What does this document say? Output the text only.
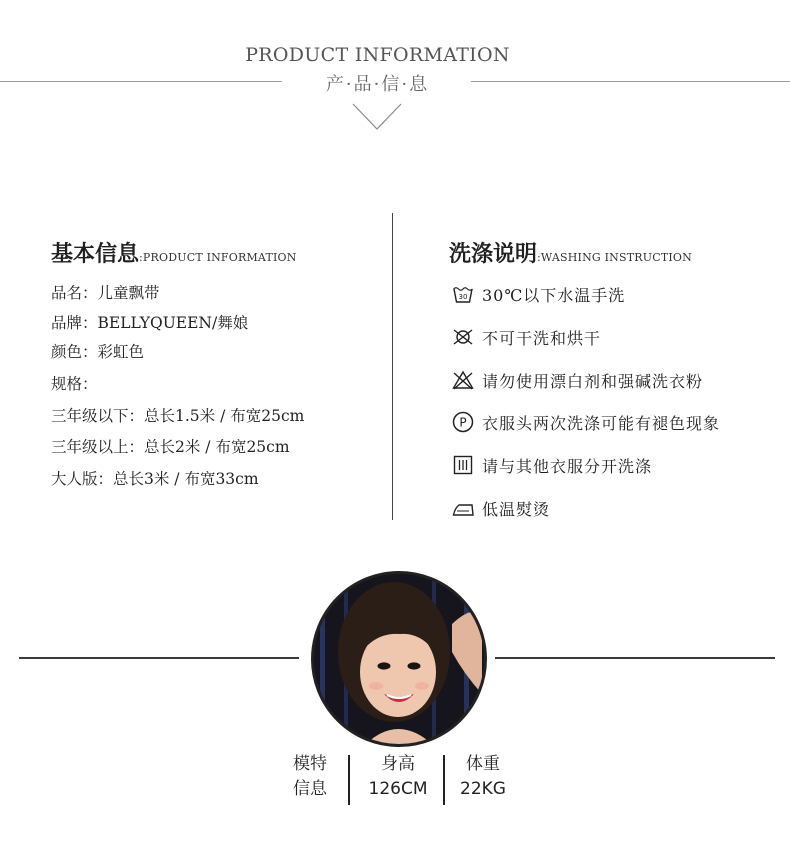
PRODUCT INFORMATION
产·品·信·息
基本信息:PRODUCT INFORMATION
品名：儿童飘带
品牌：BELLYQUEEN/舞娘
颜色：彩虹色
规格：
三年级以下：总长1.5米 / 布宽25cm
三年级以上：总长2米 / 布宽25cm
大人版：总长3米 / 布宽33cm
洗涤说明:WASHING INSTRUCTION
30 30℃以下水温手洗
不可干洗和烘干
请勿使用漂白剂和强碱洗衣粉
P 衣服头两次洗涤可能有褪色现象
请与其他衣服分开洗涤
低温熨烫
模特
信息
身高
126CM
体重
22KG
